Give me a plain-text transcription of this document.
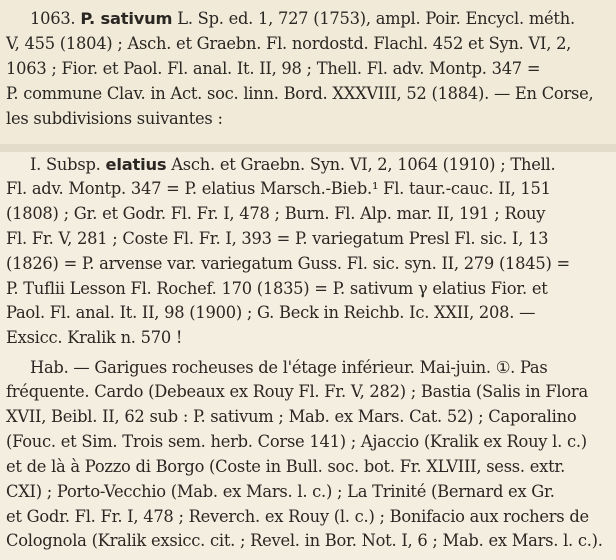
1063. P. sativum L. Sp. ed. 1, 727 (1753), ampl. Poir. Encycl. méth.
V, 455 (1804) ; Asch. et Graebn. Fl. nordostd. Flachl. 452 et Syn. VI, 2,
1063 ; Fior. et Paol. Fl. anal. It. II, 98 ; Thell. Fl. adv. Montp. 347 =
P. commune Clav. in Act. soc. linn. Bord. XXXVIII, 52 (1884). — En Corse,
les subdivisions suivantes :
I. Subsp. elatius Asch. et Graebn. Syn. VI, 2, 1064 (1910) ; Thell.
Fl. adv. Montp. 347 = P. elatius Marsch.-Bieb.¹ Fl. taur.-cauc. II, 151
(1808) ; Gr. et Godr. Fl. Fr. I, 478 ; Burn. Fl. Alp. mar. II, 191 ; Rouy
Fl. Fr. V, 281 ; Coste Fl. Fr. I, 393 = P. variegatum Presl Fl. sic. I, 13
(1826) = P. arvense var. variegatum Guss. Fl. sic. syn. II, 279 (1845) =
P. Tuflii Lesson Fl. Rochef. 170 (1835) = P. sativum γ elatius Fior. et
Paol. Fl. anal. It. II, 98 (1900) ; G. Beck in Reichb. Ic. XXII, 208. —
Exsicc. Kralik n. 570 !
Hab. — Garigues rocheuses de l'étage inférieur. Mai-juin. ①. Pas
fréquente. Cardo (Debeaux ex Rouy Fl. Fr. V, 282) ; Bastia (Salis in Flora
XVII, Beibl. II, 62 sub : P. sativum ; Mab. ex Mars. Cat. 52) ; Caporalino
(Fouc. et Sim. Trois sem. herb. Corse 141) ; Ajaccio (Kralik ex Rouy l. c.)
et de là à Pozzo di Borgo (Coste in Bull. soc. bot. Fr. XLVIII, sess. extr.
CXI) ; Porto-Vecchio (Mab. ex Mars. l. c.) ; La Trinité (Bernard ex Gr.
et Godr. Fl. Fr. I, 478 ; Reverch. ex Rouy (l. c.) ; Bonifacio aux rochers de
Colognola (Kralik exsicc. cit. ; Revel. in Bor. Not. I, 6 ; Mab. ex Mars. l. c.).
